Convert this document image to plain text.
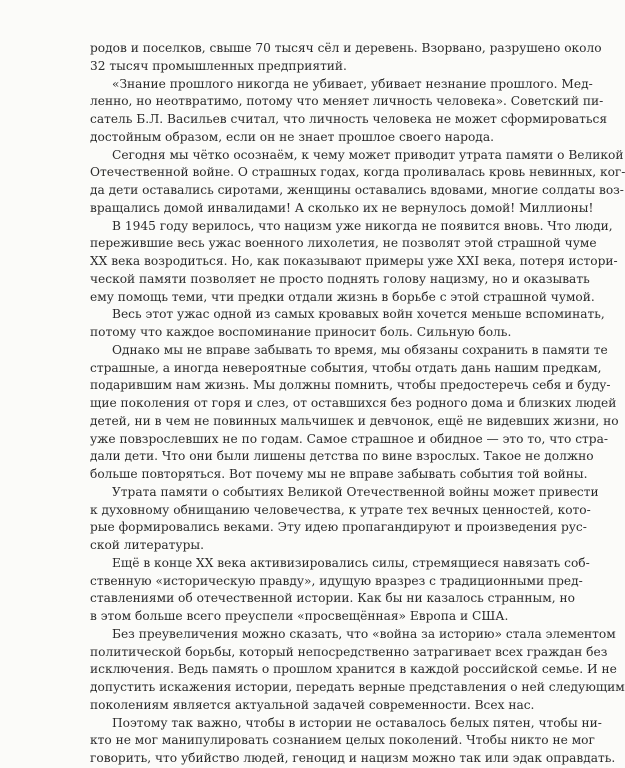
родов и поселков, свыше 70 тысяч сёл и деревень. Взорвано, разрушено около
32 тысяч промышленных предприятий.
«Знание прошлого никогда не убивает, убивает незнание прошлого. Мед-
ленно, но неотвратимо, потому что меняет личность человека». Советский пи-
сатель Б.Л. Васильев считал, что личность человека не может сформироваться
достойным образом, если он не знает прошлое своего народа.
Сегодня мы чётко осознаём, к чему может приводит утрата памяти о Великой
Отечественной войне. О страшных годах, когда проливалась кровь невинных, ког-
да дети оставались сиротами, женщины оставались вдовами, многие солдаты воз-
вращались домой инвалидами! А сколько их не вернулось домой! Миллионы!
В 1945 году верилось, что нацизм уже никогда не появится вновь. Что люди,
пережившие весь ужас военного лихолетия, не позволят этой страшной чуме
XX века возродиться. Но, как показывают примеры уже XXI века, потеря истори-
ческой памяти позволяет не просто поднять голову нацизму, но и оказывать
ему помощь теми, чти предки отдали жизнь в борьбе с этой страшной чумой.
Весь этот ужас одной из самых кровавых войн хочется меньше вспоминать,
потому что каждое воспоминание приносит боль. Сильную боль.
Однако мы не вправе забывать то время, мы обязаны сохранить в памяти те
страшные, а иногда невероятные события, чтобы отдать дань нашим предкам,
подарившим нам жизнь. Мы должны помнить, чтобы предостеречь себя и буду-
щие поколения от горя и слез, от оставшихся без родного дома и близких людей
детей, ни в чем не повинных мальчишек и девчонок, ещё не видевших жизни, но
уже повзрослевших не по годам. Самое страшное и обидное — это то, что стра-
дали дети. Что они были лишены детства по вине взрослых. Такое не должно
больше повторяться. Вот почему мы не вправе забывать события той войны.
Утрата памяти о событиях Великой Отечественной войны может привести
к духовному обнищанию человечества, к утрате тех вечных ценностей, кото-
рые формировались веками. Эту идею пропагандируют и произведения рус-
ской литературы.
Ещё в конце XX века активизировались силы, стремящиеся навязать соб-
ственную «историческую правду», идущую вразрез с традиционными пред-
ставлениями об отечественной истории. Как бы ни казалось странным, но
в этом больше всего преуспели «просвещённая» Европа и США.
Без преувеличения можно сказать, что «война за историю» стала элементом
политической борьбы, который непосредственно затрагивает всех граждан без
исключения. Ведь память о прошлом хранится в каждой российской семье. И не
допустить искажения истории, передать верные представления о ней следующим
поколениям является актуальной задачей современности. Всех нас.
Поэтому так важно, чтобы в истории не оставалось белых пятен, чтобы ни-
кто не мог манипулировать сознанием целых поколений. Чтобы никто не мог
говорить, что убийство людей, геноцид и нацизм можно так или эдак оправдать.
